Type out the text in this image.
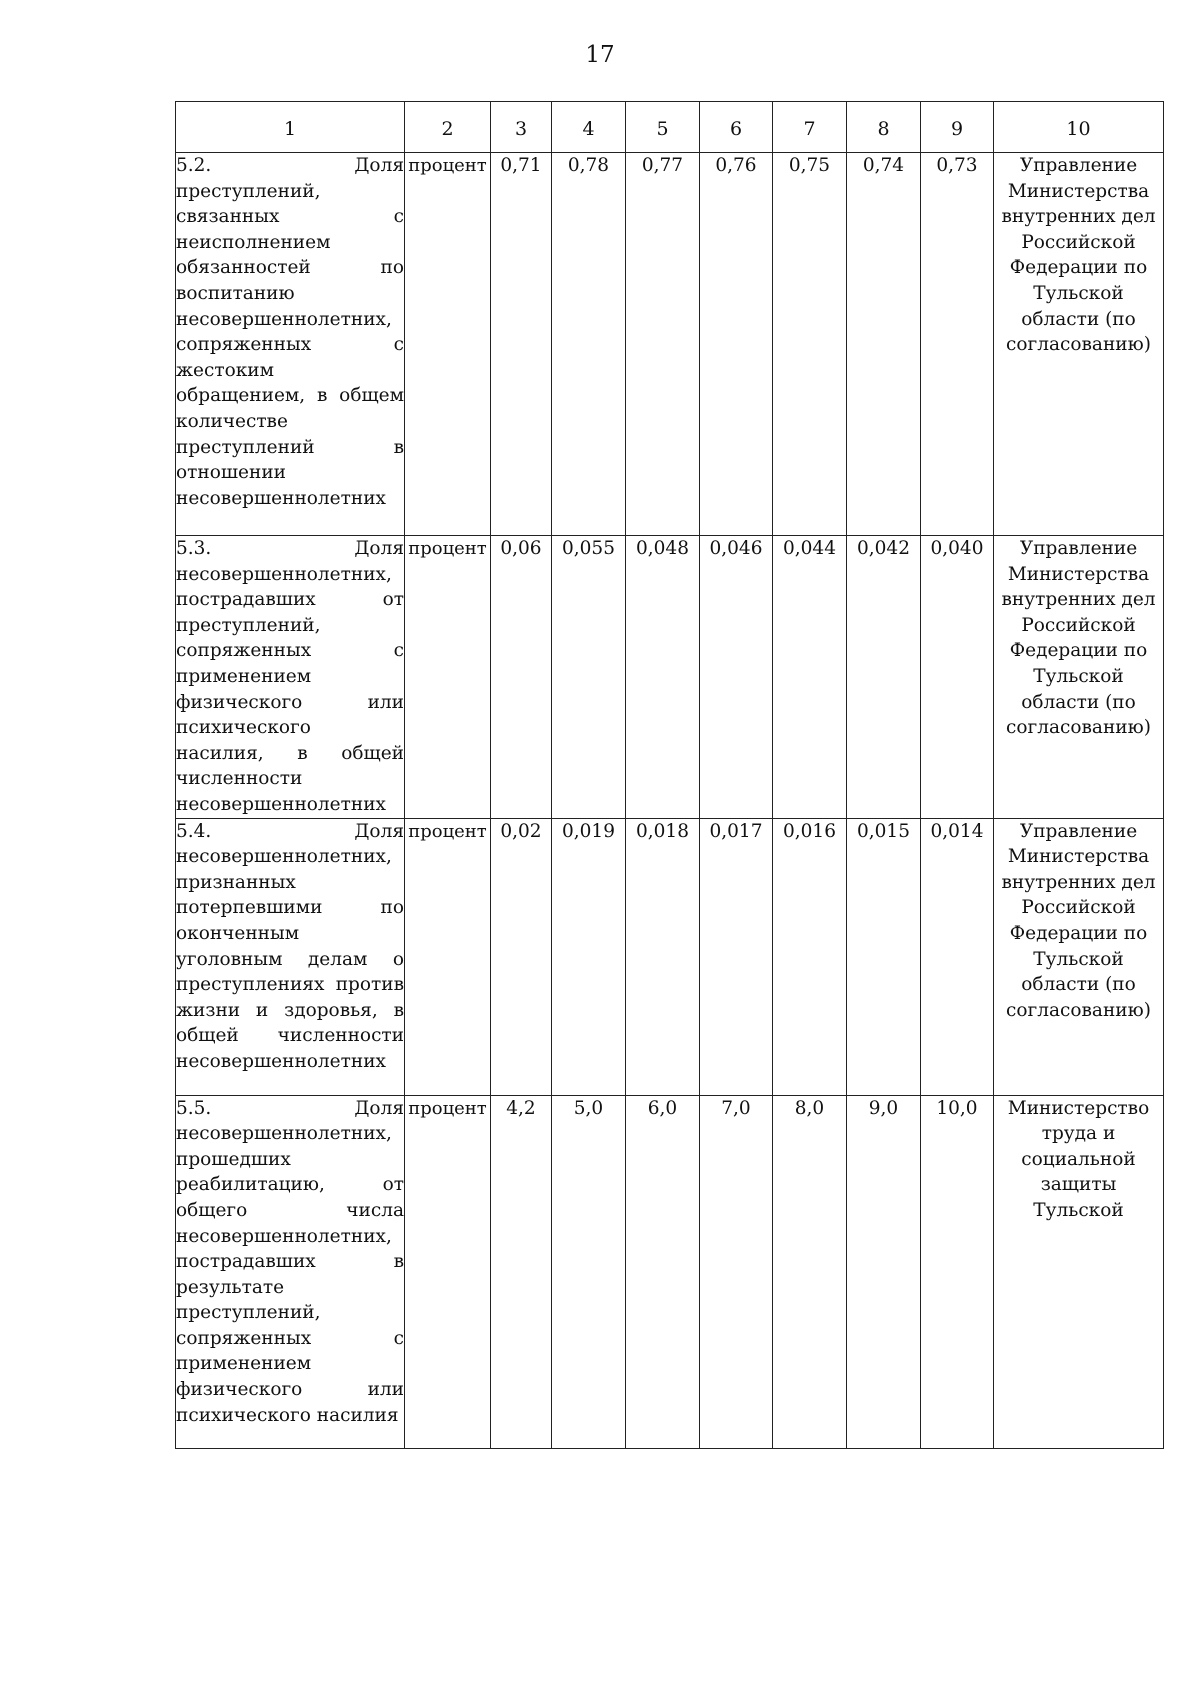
17
1	2	3	4	5	6	7	8	9	10
5.2. Доля преступлений, связанных с неисполнением обязанностей по воспитанию несовершеннолетних, сопряженных с жестоким обращением, в общем количестве преступлений в отношении несовершеннолетних	процент	0,71	0,78	0,77	0,76	0,75	0,74	0,73	Управление Министерства внутренних дел Российской Федерации по Тульской области (по согласованию)
5.3. Доля несовершеннолетних, пострадавших от преступлений, сопряженных с применением физического или психического насилия, в общей численности несовершеннолетних	процент	0,06	0,055	0,048	0,046	0,044	0,042	0,040	Управление Министерства внутренних дел Российской Федерации по Тульской области (по согласованию)
5.4. Доля несовершеннолетних, признанных потерпевшими по оконченным уголовным делам о преступлениях против жизни и здоровья, в общей численности несовершеннолетних	процент	0,02	0,019	0,018	0,017	0,016	0,015	0,014	Управление Министерства внутренних дел Российской Федерации по Тульской области (по согласованию)
5.5. Доля несовершеннолетних, прошедших реабилитацию, от общего числа несовершеннолетних, пострадавших в результате преступлений, сопряженных с применением физического или психического насилия	процент	4,2	5,0	6,0	7,0	8,0	9,0	10,0	Министерство труда и социальной защиты Тульской
